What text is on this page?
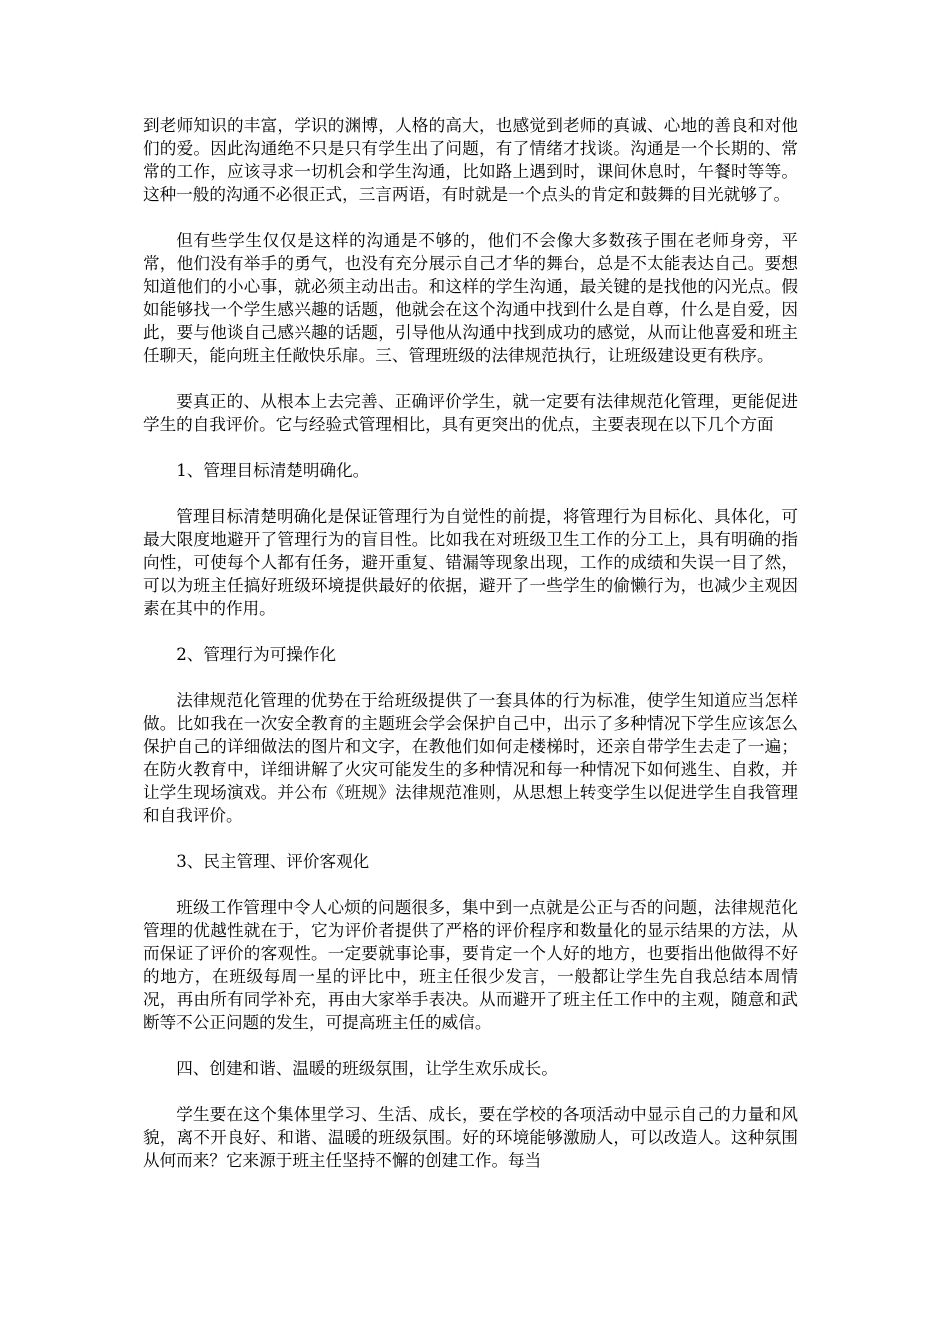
到老师知识的丰富，学识的渊博，人格的高大，也感觉到老师的真诚、心地的善良和对他们的爱。因此沟通绝不只是只有学生出了问题，有了情绪才找谈。沟通是一个长期的、常常的工作，应该寻求一切机会和学生沟通，比如路上遇到时，课间休息时，午餐时等等。这种一般的沟通不必很正式，三言两语，有时就是一个点头的肯定和鼓舞的目光就够了。

但有些学生仅仅是这样的沟通是不够的，他们不会像大多数孩子围在老师身旁，平常，他们没有举手的勇气，也没有充分展示自己才华的舞台，总是不太能表达自己。要想知道他们的小心事，就必须主动出击。和这样的学生沟通，最关键的是找他的闪光点。假如能够找一个学生感兴趣的话题，他就会在这个沟通中找到什么是自尊，什么是自爱，因此，要与他谈自己感兴趣的话题，引导他从沟通中找到成功的感觉，从而让他喜爱和班主任聊天，能向班主任敞快乐扉。三、管理班级的法律规范执行，让班级建设更有秩序。

要真正的、从根本上去完善、正确评价学生，就一定要有法律规范化管理，更能促进学生的自我评价。它与经验式管理相比，具有更突出的优点，主要表现在以下几个方面

1、管理目标清楚明确化。

管理目标清楚明确化是保证管理行为自觉性的前提，将管理行为目标化、具体化，可最大限度地避开了管理行为的盲目性。比如我在对班级卫生工作的分工上，具有明确的指向性，可使每个人都有任务，避开重复、错漏等现象出现，工作的成绩和失误一目了然，可以为班主任搞好班级环境提供最好的依据，避开了一些学生的偷懒行为，也减少主观因素在其中的作用。

2、管理行为可操作化

法律规范化管理的优势在于给班级提供了一套具体的行为标准，使学生知道应当怎样做。比如我在一次安全教育的主题班会学会保护自己中，出示了多种情况下学生应该怎么保护自己的详细做法的图片和文字，在教他们如何走楼梯时，还亲自带学生去走了一遍；在防火教育中，详细讲解了火灾可能发生的多种情况和每一种情况下如何逃生、自救，并让学生现场演戏。并公布《班规》法律规范准则，从思想上转变学生以促进学生自我管理和自我评价。

3、民主管理、评价客观化

班级工作管理中令人心烦的问题很多，集中到一点就是公正与否的问题，法律规范化管理的优越性就在于，它为评价者提供了严格的评价程序和数量化的显示结果的方法，从而保证了评价的客观性。一定要就事论事，要肯定一个人好的地方，也要指出他做得不好的地方，在班级每周一星的评比中，班主任很少发言，一般都让学生先自我总结本周情况，再由所有同学补充，再由大家举手表决。从而避开了班主任工作中的主观，随意和武断等不公正问题的发生，可提高班主任的威信。

四、创建和谐、温暖的班级氛围，让学生欢乐成长。

学生要在这个集体里学习、生活、成长，要在学校的各项活动中显示自己的力量和风貌，离不开良好、和谐、温暖的班级氛围。好的环境能够激励人，可以改造人。这种氛围从何而来？它来源于班主任坚持不懈的创建工作。每当
